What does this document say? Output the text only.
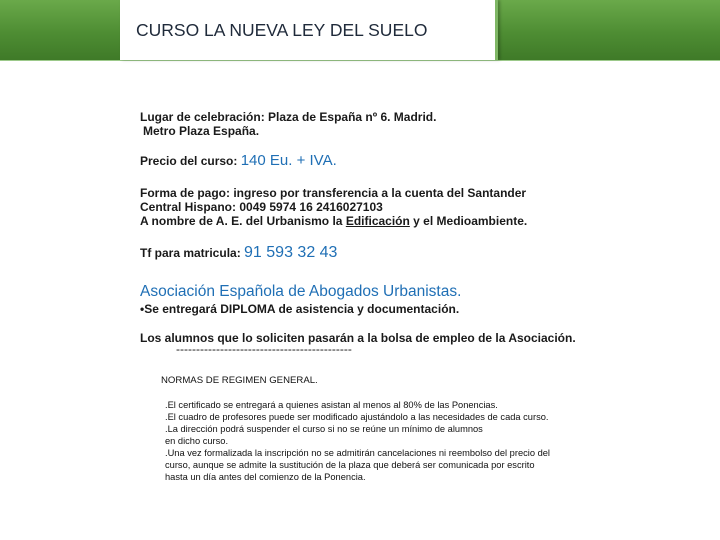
CURSO LA NUEVA LEY DEL SUELO
Lugar de celebración: Plaza de España nº 6. Madrid.
Metro Plaza España.
Precio del curso: 140 Eu. + IVA.
Forma de pago: ingreso por transferencia a la cuenta del Santander
Central Hispano: 0049 5974 16 2416027103
A nombre de A. E. del Urbanismo la Edificación y el Medioambiente.
Tf para matricula: 91 593 32 43
Asociación Española de Abogados Urbanistas.
•Se entregará DIPLOMA de asistencia y documentación.
Los alumnos que lo soliciten pasarán a la bolsa de empleo de la Asociación.
--------------------------------------------
NORMAS DE REGIMEN GENERAL.
.El certificado se entregará a quienes asistan al menos al 80% de las Ponencias.
.El cuadro de profesores puede ser modificado ajustándolo a las necesidades de cada curso.
.La dirección podrá suspender el curso si no se reúne un mínimo de alumnos
en dicho curso.
.Una vez formalizada la inscripción no se admitirán cancelaciones ni reembolso del precio del
curso, aunque se admite la sustitución de la plaza que deberá ser comunicada por escrito
hasta un día antes del comienzo de la Ponencia.
